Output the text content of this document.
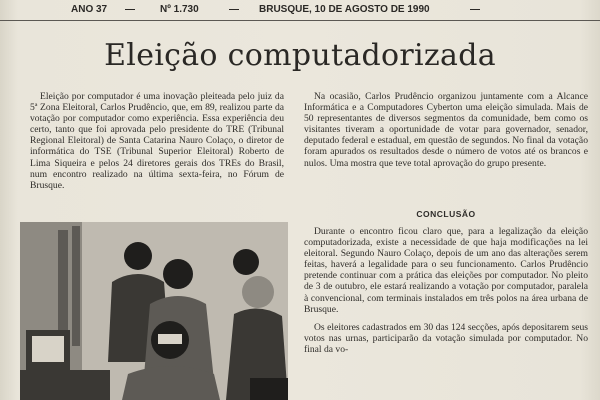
ANO 37 —	Nº 1.730	— BRUSQUE, 10 DE AGOSTO DE 1990	—
Eleição computadorizada

Eleição por computador é uma inovação pleiteada pelo juiz da 5ª Zona Eleitoral, Carlos Prudêncio, que, em 89, realizou parte da votação por computador como experiência. Essa experiência deu certo, tanto que foi aprovada pelo presidente do TRE (Tribunal Regional Eleitoral) de Santa Catarina Nauro Colaço, o diretor de informática do TSE (Tribunal Superior Eleitoral) Roberto de Lima Siqueira e pelos 24 diretores gerais dos TREs do Brasil, num encontro realizado na última sexta-feira, no Fórum de Brusque.

Na ocasião, Carlos Prudêncio organizou juntamente com a Alcance Informática e a Computadores Cyberton uma eleição simulada. Mais de 50 representantes de diversos segmentos da comunidade, bem como os visitantes tiveram a oportunidade de votar para governador, senador, deputado federal e estadual, em questão de segundos. No final da votação foram apurados os resultados desde o número de votos até os brancos e nulos. Uma mostra que teve total aprovação do grupo presente.

CONCLUSÃO

Durante o encontro ficou claro que, para a legalização da eleição computadorizada, existe a necessidade de que haja modificações na lei eleitoral. Segundo Nauro Colaço, depois de um ano das alterações serem feitas, haverá a legalidade para o seu funcionamento. Carlos Prudêncio pretende continuar com a prática das eleições por computador. No pleito de 3 de outubro, ele estará realizando a votação por computador, paralela à convencional, com terminais instalados em três polos na área urbana de Brusque.

Os eleitores cadastrados em 30 das 124 secções, após depositarem seus votos nas urnas, participarão da votação simulada por computador. No final da vo-
